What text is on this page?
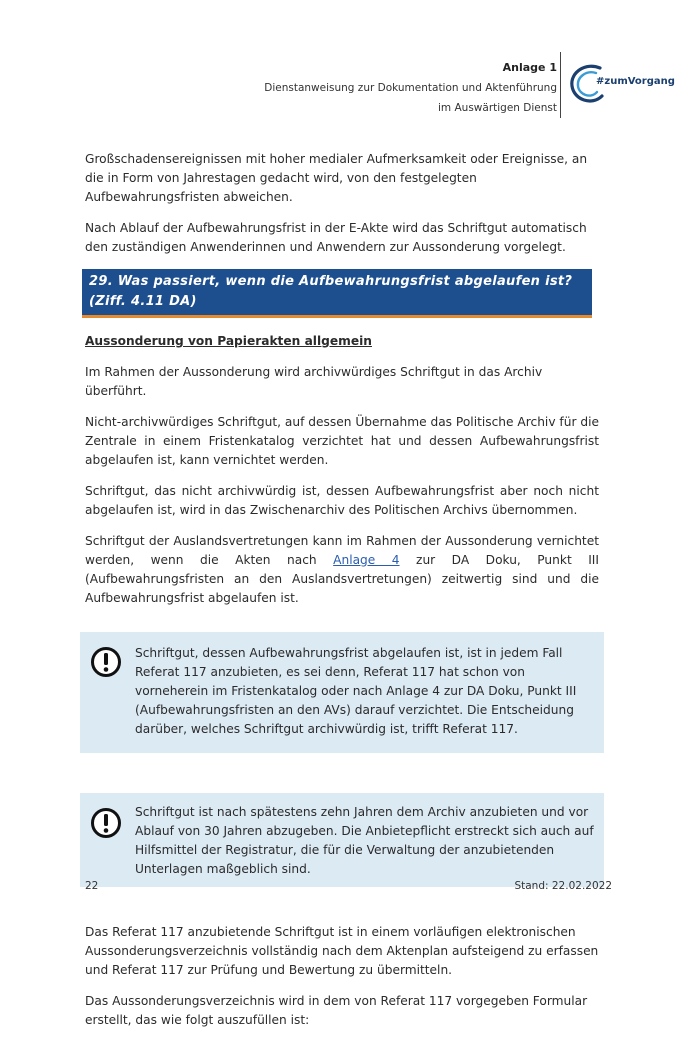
Anlage 1
Dienstanweisung zur Dokumentation und Aktenführung
im Auswärtigen Dienst
#zumVorgang

Großschadensereignissen mit hoher medialer Aufmerksamkeit oder Ereignisse, an die in Form von Jahrestagen gedacht wird, von den festgelegten Aufbewahrungsfristen abweichen.

Nach Ablauf der Aufbewahrungsfrist in der E-Akte wird das Schriftgut automatisch den zuständigen Anwenderinnen und Anwendern zur Aussonderung vorgelegt.

29. Was passiert, wenn die Aufbewahrungsfrist abgelaufen ist? (Ziff. 4.11 DA)
Aussonderung von Papierakten allgemein

Im Rahmen der Aussonderung wird archivwürdiges Schriftgut in das Archiv überführt.

Nicht-archivwürdiges Schriftgut, auf dessen Übernahme das Politische Archiv für die Zentrale in einem Fristenkatalog verzichtet hat und dessen Aufbewahrungsfrist abgelaufen ist, kann vernichtet werden.

Schriftgut, das nicht archivwürdig ist, dessen Aufbewahrungsfrist aber noch nicht abgelaufen ist, wird in das Zwischenarchiv des Politischen Archivs übernommen.

Schriftgut der Auslandsvertretungen kann im Rahmen der Aussonderung vernichtet werden, wenn die Akten nach Anlage 4 zur DA Doku, Punkt III (Aufbewahrungsfristen an den Auslandsvertretungen) zeitwertig sind und die Aufbewahrungsfrist abgelaufen ist.

Schriftgut, dessen Aufbewahrungsfrist abgelaufen ist, ist in jedem Fall Referat 117 anzubieten, es sei denn, Referat 117 hat schon von vorneherein im Fristenkatalog oder nach Anlage 4 zur DA Doku, Punkt III (Aufbewahrungsfristen an den AVs) darauf verzichtet. Die Entscheidung darüber, welches Schriftgut archivwürdig ist, trifft Referat 117.
Schriftgut ist nach spätestens zehn Jahren dem Archiv anzubieten und vor Ablauf von 30 Jahren abzugeben. Die Anbietepflicht erstreckt sich auch auf Hilfsmittel der Registratur, die für die Verwaltung der anzubietenden Unterlagen maßgeblich sind.

Das Referat 117 anzubietende Schriftgut ist in einem vorläufigen elektronischen Aussonderungsverzeichnis vollständig nach dem Aktenplan aufsteigend zu erfassen und Referat 117 zur Prüfung und Bewertung zu übermitteln.

Das Aussonderungsverzeichnis wird in dem von Referat 117 vorgegeben Formular erstellt, das wie folgt auszufüllen ist:

22	Stand: 22.02.2022
